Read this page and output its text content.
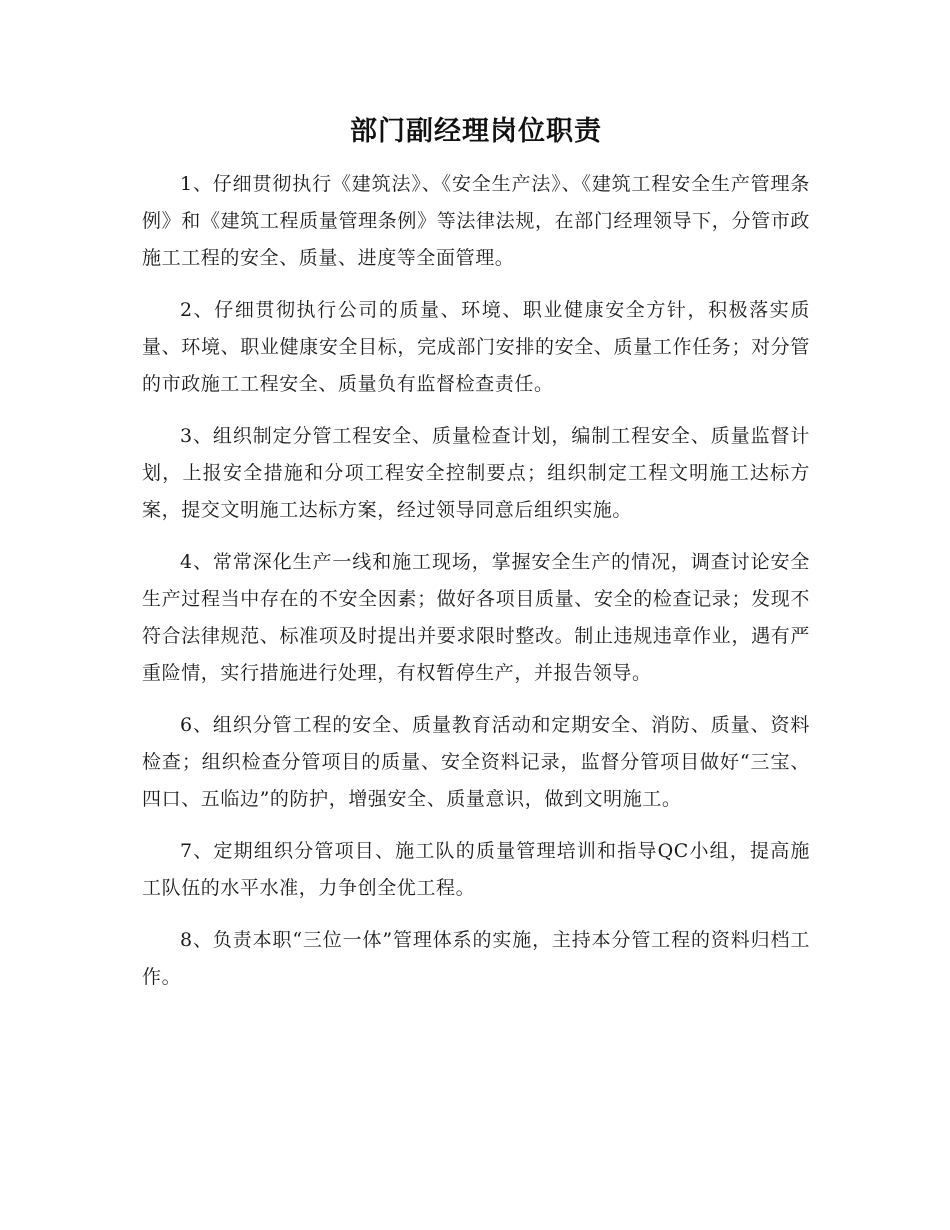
部门副经理岗位职责

1、仔细贯彻执行《建筑法》、《安全生产法》、《建筑工程安全生产管理条例》和《建筑工程质量管理条例》等法律法规，在部门经理领导下，分管市政施工工程的安全、质量、进度等全面管理。

2、仔细贯彻执行公司的质量、环境、职业健康安全方针，积极落实质量、环境、职业健康安全目标，完成部门安排的安全、质量工作任务；对分管的市政施工工程安全、质量负有监督检查责任。

3、组织制定分管工程安全、质量检查计划，编制工程安全、质量监督计划，上报安全措施和分项工程安全控制要点；组织制定工程文明施工达标方案，提交文明施工达标方案，经过领导同意后组织实施。

4、常常深化生产一线和施工现场，掌握安全生产的情况，调查讨论安全生产过程当中存在的不安全因素；做好各项目质量、安全的检查记录；发现不符合法律规范、标准项及时提出并要求限时整改。制止违规违章作业，遇有严重险情，实行措施进行处理，有权暂停生产，并报告领导。

6、组织分管工程的安全、质量教育活动和定期安全、消防、质量、资料检查；组织检查分管项目的质量、安全资料记录，监督分管项目做好“三宝、四口、五临边”的防护，增强安全、质量意识，做到文明施工。

7、定期组织分管项目、施工队的质量管理培训和指导QC小组，提高施工队伍的水平水准，力争创全优工程。

8、负责本职“三位一体”管理体系的实施，主持本分管工程的资料归档工作。
